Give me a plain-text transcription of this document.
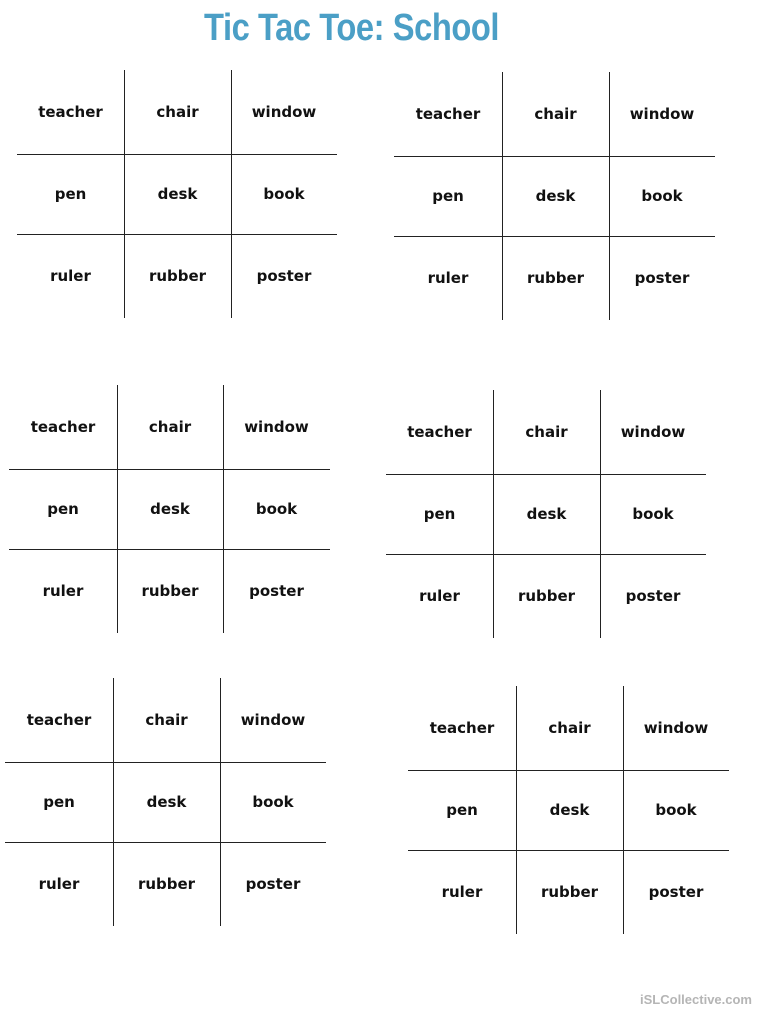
Tic Tac Toe: School
teacher	chair	window
pen	desk	book
ruler	rubber	poster
teacher	chair	window
pen	desk	book
ruler	rubber	poster
teacher	chair	window
pen	desk	book
ruler	rubber	poster
teacher	chair	window
pen	desk	book
ruler	rubber	poster
teacher	chair	window
pen	desk	book
ruler	rubber	poster
teacher	chair	window
pen	desk	book
ruler	rubber	poster
iSLCollective.com
